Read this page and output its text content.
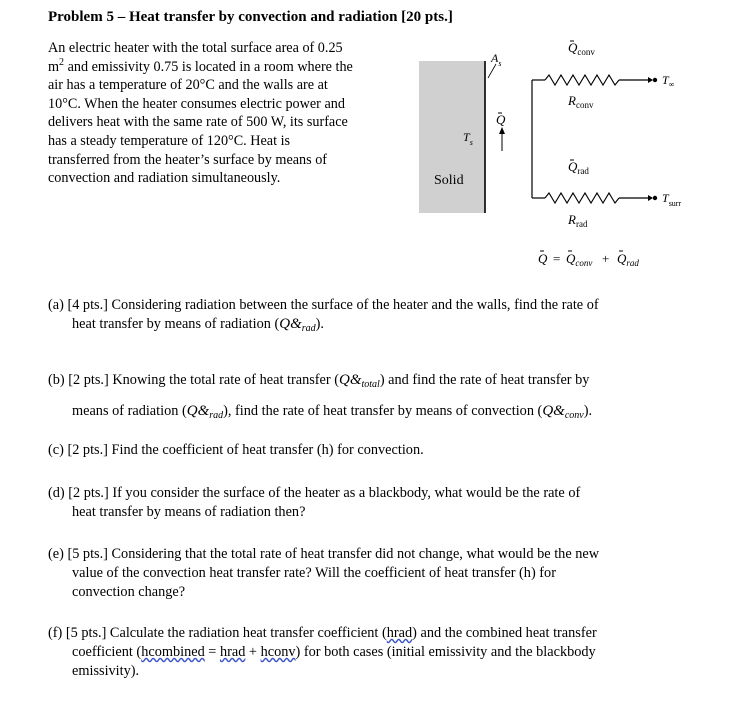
Problem 5 – Heat transfer by convection and radiation [20 pts.]

An electric heater with the total surface area of 0.25

$m^2$ and emissivity 0.75 is located in a room where the

air has a temperature of 20°C and the walls are at

10°C. When the heater consumes electric power and

delivers heat with the same rate of 500 W, its surface

has a steady temperature of 120°C. Heat is

transferred from the heater’s surface by means of

convection and radiation simultaneously.	Solid
$A_s$
$T_s$
Q
$Q_{conv}$
$T_\infty$
$R_{conv}$
$Q_{rad}$
$T_{surr}$
$R_{rad}$
$Q = Q_{conv} + Q_{rad}$
(a) [4 pts.] Considering radiation between the surface of the heater and the walls, find the rate of
heat transfer by means of radiation $(Q\&_{rad})$.
(b) [2 pts.] Knowing the total rate of heat transfer $(Q\&_{total})$ and find the rate of heat transfer by
means of radiation $(Q\&_{rad})$, find the rate of heat transfer by means of convection $(Q\&_{conv})$.
(c) [2 pts.] Find the coefficient of heat transfer (h) for convection.
(d) [2 pts.] If you consider the surface of the heater as a blackbody, what would be the rate of
heat transfer by means of radiation then?
(e) [5 pts.] Considering that the total rate of heat transfer did not change, what would be the new
value of the convection heat transfer rate? Will the coefficient of heat transfer (h) for
convection change?
(f) [5 pts.] Calculate the radiation heat transfer coefficient (hrad) and the combined heat transfer
coefficient (hcombined = hrad + hconv) for both cases (initial emissivity and the blackbody
emissivity).
